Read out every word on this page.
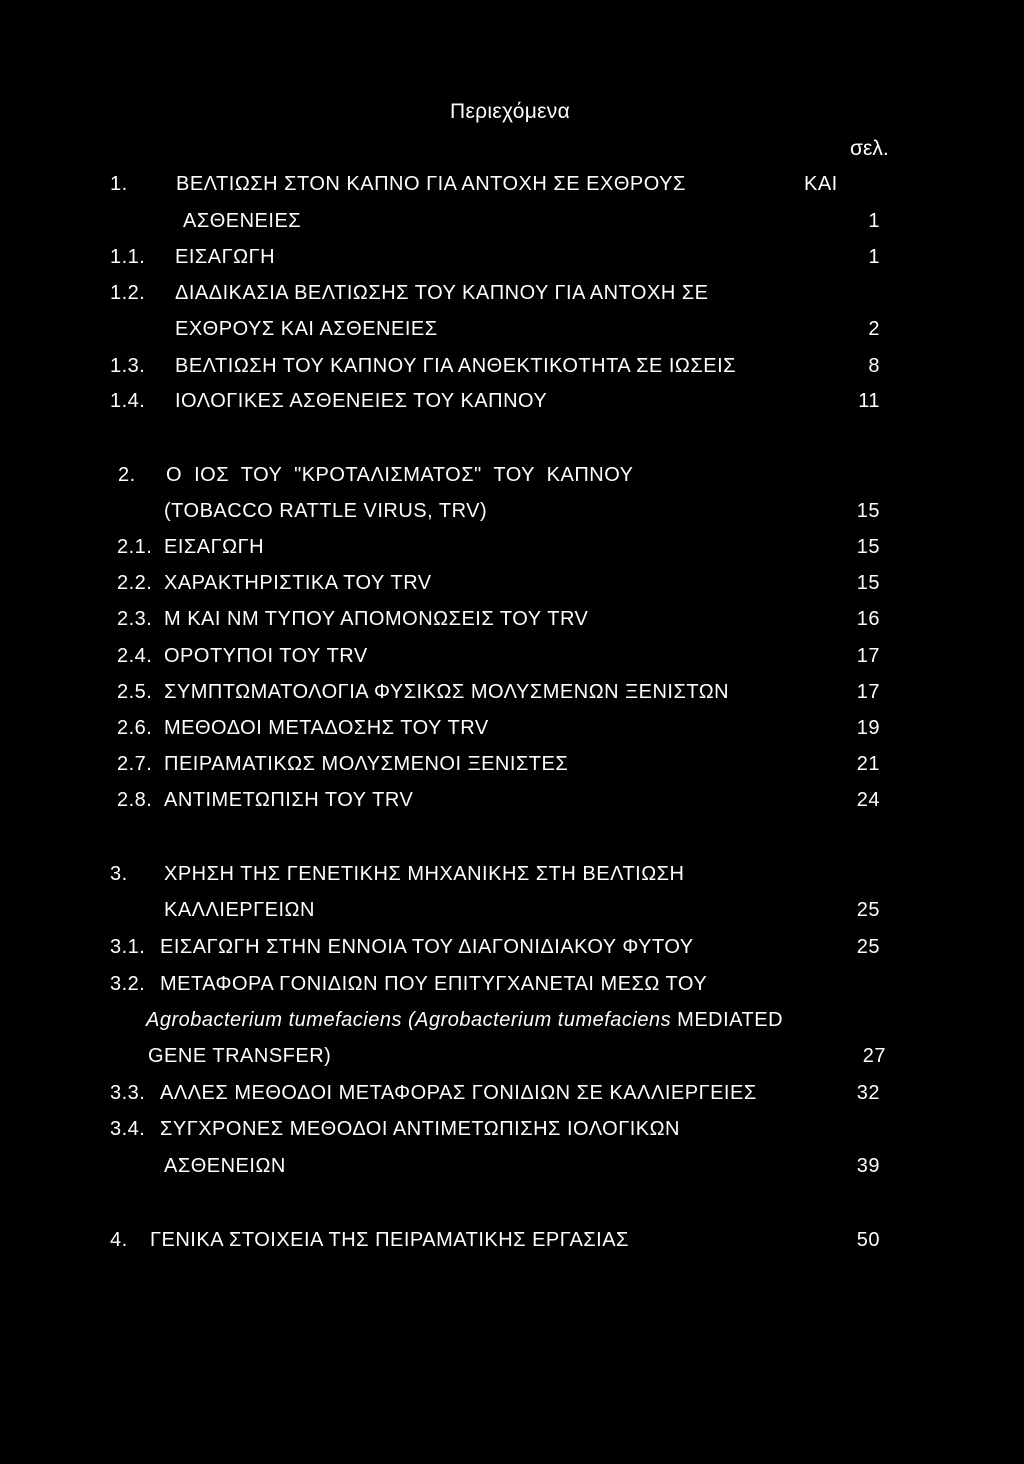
Περιεχόμενα
σελ.
1. ΒΕΛΤΙΩΣΗ ΣΤΟΝ ΚΑΠΝΟ ΓΙΑ ΑΝΤΟΧΗ ΣΕ ΕΧΘΡΟΥΣ	ΚΑΙ
ΑΣΘΕΝΕΙΕΣ	1
1.1. ΕΙΣΑΓΩΓΗ	1
1.2. ΔΙΑΔΙΚΑΣΙΑ ΒΕΛΤΙΩΣΗΣ ΤΟΥ ΚΑΠΝΟΥ ΓΙΑ ΑΝΤΟΧΗ ΣΕ
ΕΧΘΡΟΥΣ ΚΑΙ ΑΣΘΕΝΕΙΕΣ	2
1.3. ΒΕΛΤΙΩΣΗ ΤΟΥ ΚΑΠΝΟΥ ΓΙΑ ΑΝΘΕΚΤΙΚΟΤΗΤΑ ΣΕ ΙΩΣΕΙΣ	8
1.4. ΙΟΛΟΓΙΚΕΣ ΑΣΘΕΝΕΙΕΣ ΤΟΥ ΚΑΠΝΟΥ	11
2. Ο ΙΟΣ ΤΟΥ "ΚΡΟΤΑΛΙΣΜΑΤΟΣ" ΤΟΥ ΚΑΠΝΟΥ
(TOBACCO RATTLE VIRUS, TRV)	15
2.1. ΕΙΣΑΓΩΓΗ	15
2.2. ΧΑΡΑΚΤΗΡΙΣΤΙΚΑ ΤΟΥ TRV	15
2.3. Μ ΚΑΙ ΝΜ ΤΥΠΟΥ ΑΠΟΜΟΝΩΣΕΙΣ ΤΟΥ TRV	16
2.4. ΟΡΟΤΥΠΟΙ ΤΟΥ TRV	17
2.5. ΣΥΜΠΤΩΜΑΤΟΛΟΓΙΑ ΦΥΣΙΚΩΣ ΜΟΛΥΣΜΕΝΩΝ ΞΕΝΙΣΤΩΝ	17
2.6. ΜΕΘΟΔΟΙ ΜΕΤΑΔΟΣΗΣ ΤΟΥ TRV	19
2.7. ΠΕΙΡΑΜΑΤΙΚΩΣ ΜΟΛΥΣΜΕΝΟΙ ΞΕΝΙΣΤΕΣ	21
2.8. ΑΝΤΙΜΕΤΩΠΙΣΗ ΤΟΥ TRV	24
3. ΧΡΗΣΗ ΤΗΣ ΓΕΝΕΤΙΚΗΣ ΜΗΧΑΝΙΚΗΣ ΣΤΗ ΒΕΛΤΙΩΣΗ
ΚΑΛΛΙΕΡΓΕΙΩΝ	25
3.1. ΕΙΣΑΓΩΓΗ ΣΤΗΝ ΕΝΝΟΙΑ ΤΟΥ ΔΙΑΓΟΝΙΔΙΑΚΟΥ ΦΥΤΟΥ	25
3.2. ΜΕΤΑΦΟΡΑ ΓΟΝΙΔΙΩΝ ΠΟΥ ΕΠΙΤΥΓΧΑΝΕΤΑΙ ΜΕΣΩ ΤΟΥ
Agrobacterium tumefaciens (Agrobacterium tumefaciens MEDIATED
GENE TRANSFER)	27
3.3. ΑΛΛΕΣ ΜΕΘΟΔΟΙ ΜΕΤΑΦΟΡΑΣ ΓΟΝΙΔΙΩΝ ΣΕ ΚΑΛΛΙΕΡΓΕΙΕΣ	32
3.4. ΣΥΓΧΡΟΝΕΣ ΜΕΘΟΔΟΙ ΑΝΤΙΜΕΤΩΠΙΣΗΣ ΙΟΛΟΓΙΚΩΝ
ΑΣΘΕΝΕΙΩΝ	39
4. ΓΕΝΙΚΑ ΣΤΟΙΧΕΙΑ ΤΗΣ ΠΕΙΡΑΜΑΤΙΚΗΣ ΕΡΓΑΣΙΑΣ	50
